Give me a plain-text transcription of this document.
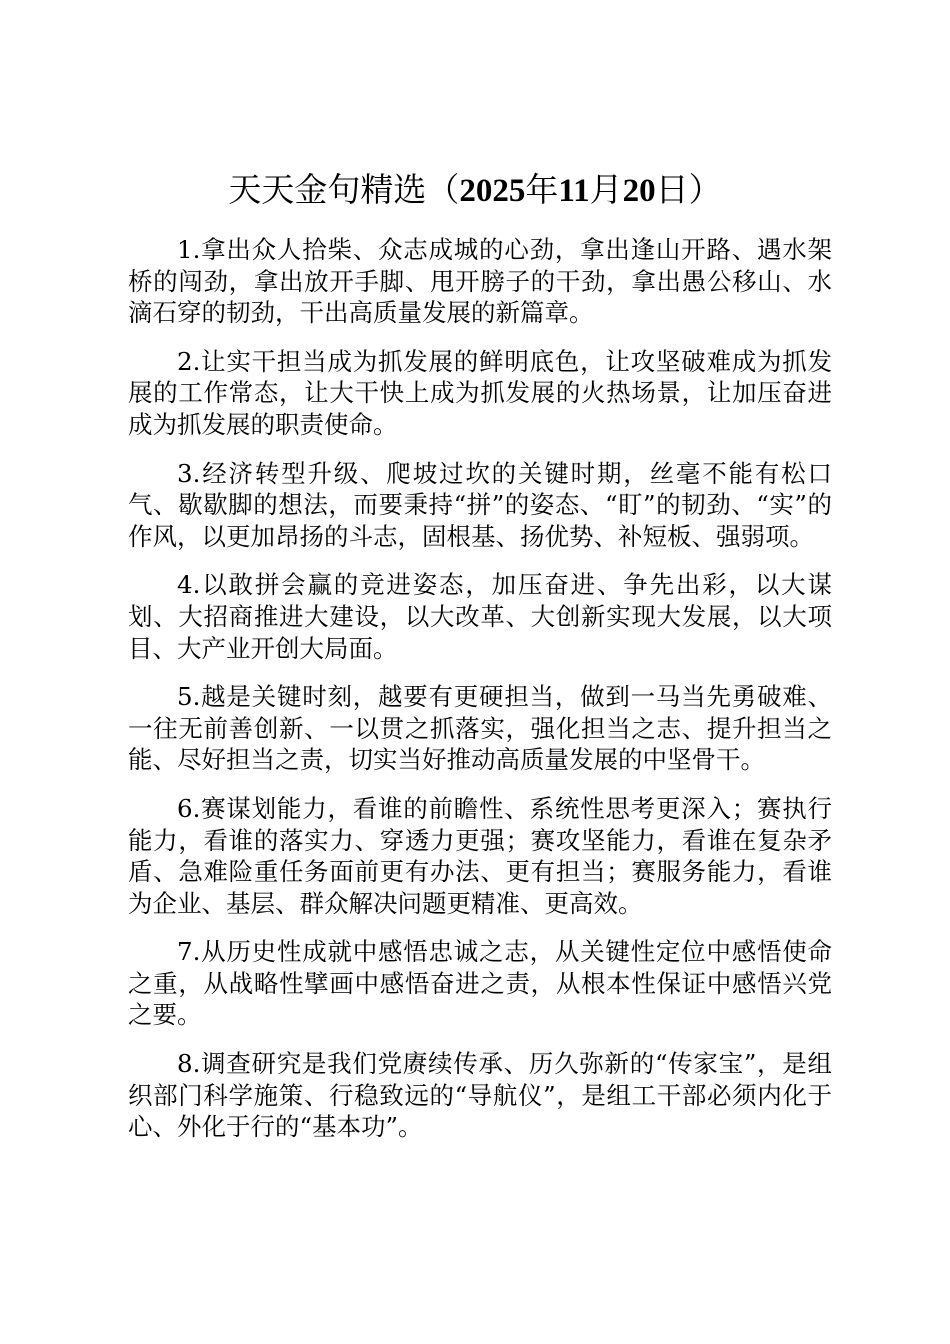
天天金句精选（2025年11月20日）

1.拿出众人拾柴、众志成城的心劲，拿出逢山开路、遇水架桥的闯劲，拿出放开手脚、甩开膀子的干劲，拿出愚公移山、水滴石穿的韧劲，干出高质量发展的新篇章。

2.让实干担当成为抓发展的鲜明底色，让攻坚破难成为抓发展的工作常态，让大干快上成为抓发展的火热场景，让加压奋进成为抓发展的职责使命。

3.经济转型升级、爬坡过坎的关键时期，丝毫不能有松口气、歇歇脚的想法，而要秉持“拼”的姿态、“盯”的韧劲、“实”的作风，以更加昂扬的斗志，固根基、扬优势、补短板、强弱项。

4.以敢拼会赢的竞进姿态，加压奋进、争先出彩，以大谋划、大招商推进大建设，以大改革、大创新实现大发展，以大项目、大产业开创大局面。

5.越是关键时刻，越要有更硬担当，做到一马当先勇破难、一往无前善创新、一以贯之抓落实，强化担当之志、提升担当之能、尽好担当之责，切实当好推动高质量发展的中坚骨干。

6.赛谋划能力，看谁的前瞻性、系统性思考更深入；赛执行能力，看谁的落实力、穿透力更强；赛攻坚能力，看谁在复杂矛盾、急难险重任务面前更有办法、更有担当；赛服务能力，看谁为企业、基层、群众解决问题更精准、更高效。

7.从历史性成就中感悟忠诚之志，从关键性定位中感悟使命之重，从战略性擘画中感悟奋进之责，从根本性保证中感悟兴党之要。

8.调查研究是我们党赓续传承、历久弥新的“传家宝”，是组织部门科学施策、行稳致远的“导航仪”，是组工干部必须内化于心、外化于行的“基本功”。
